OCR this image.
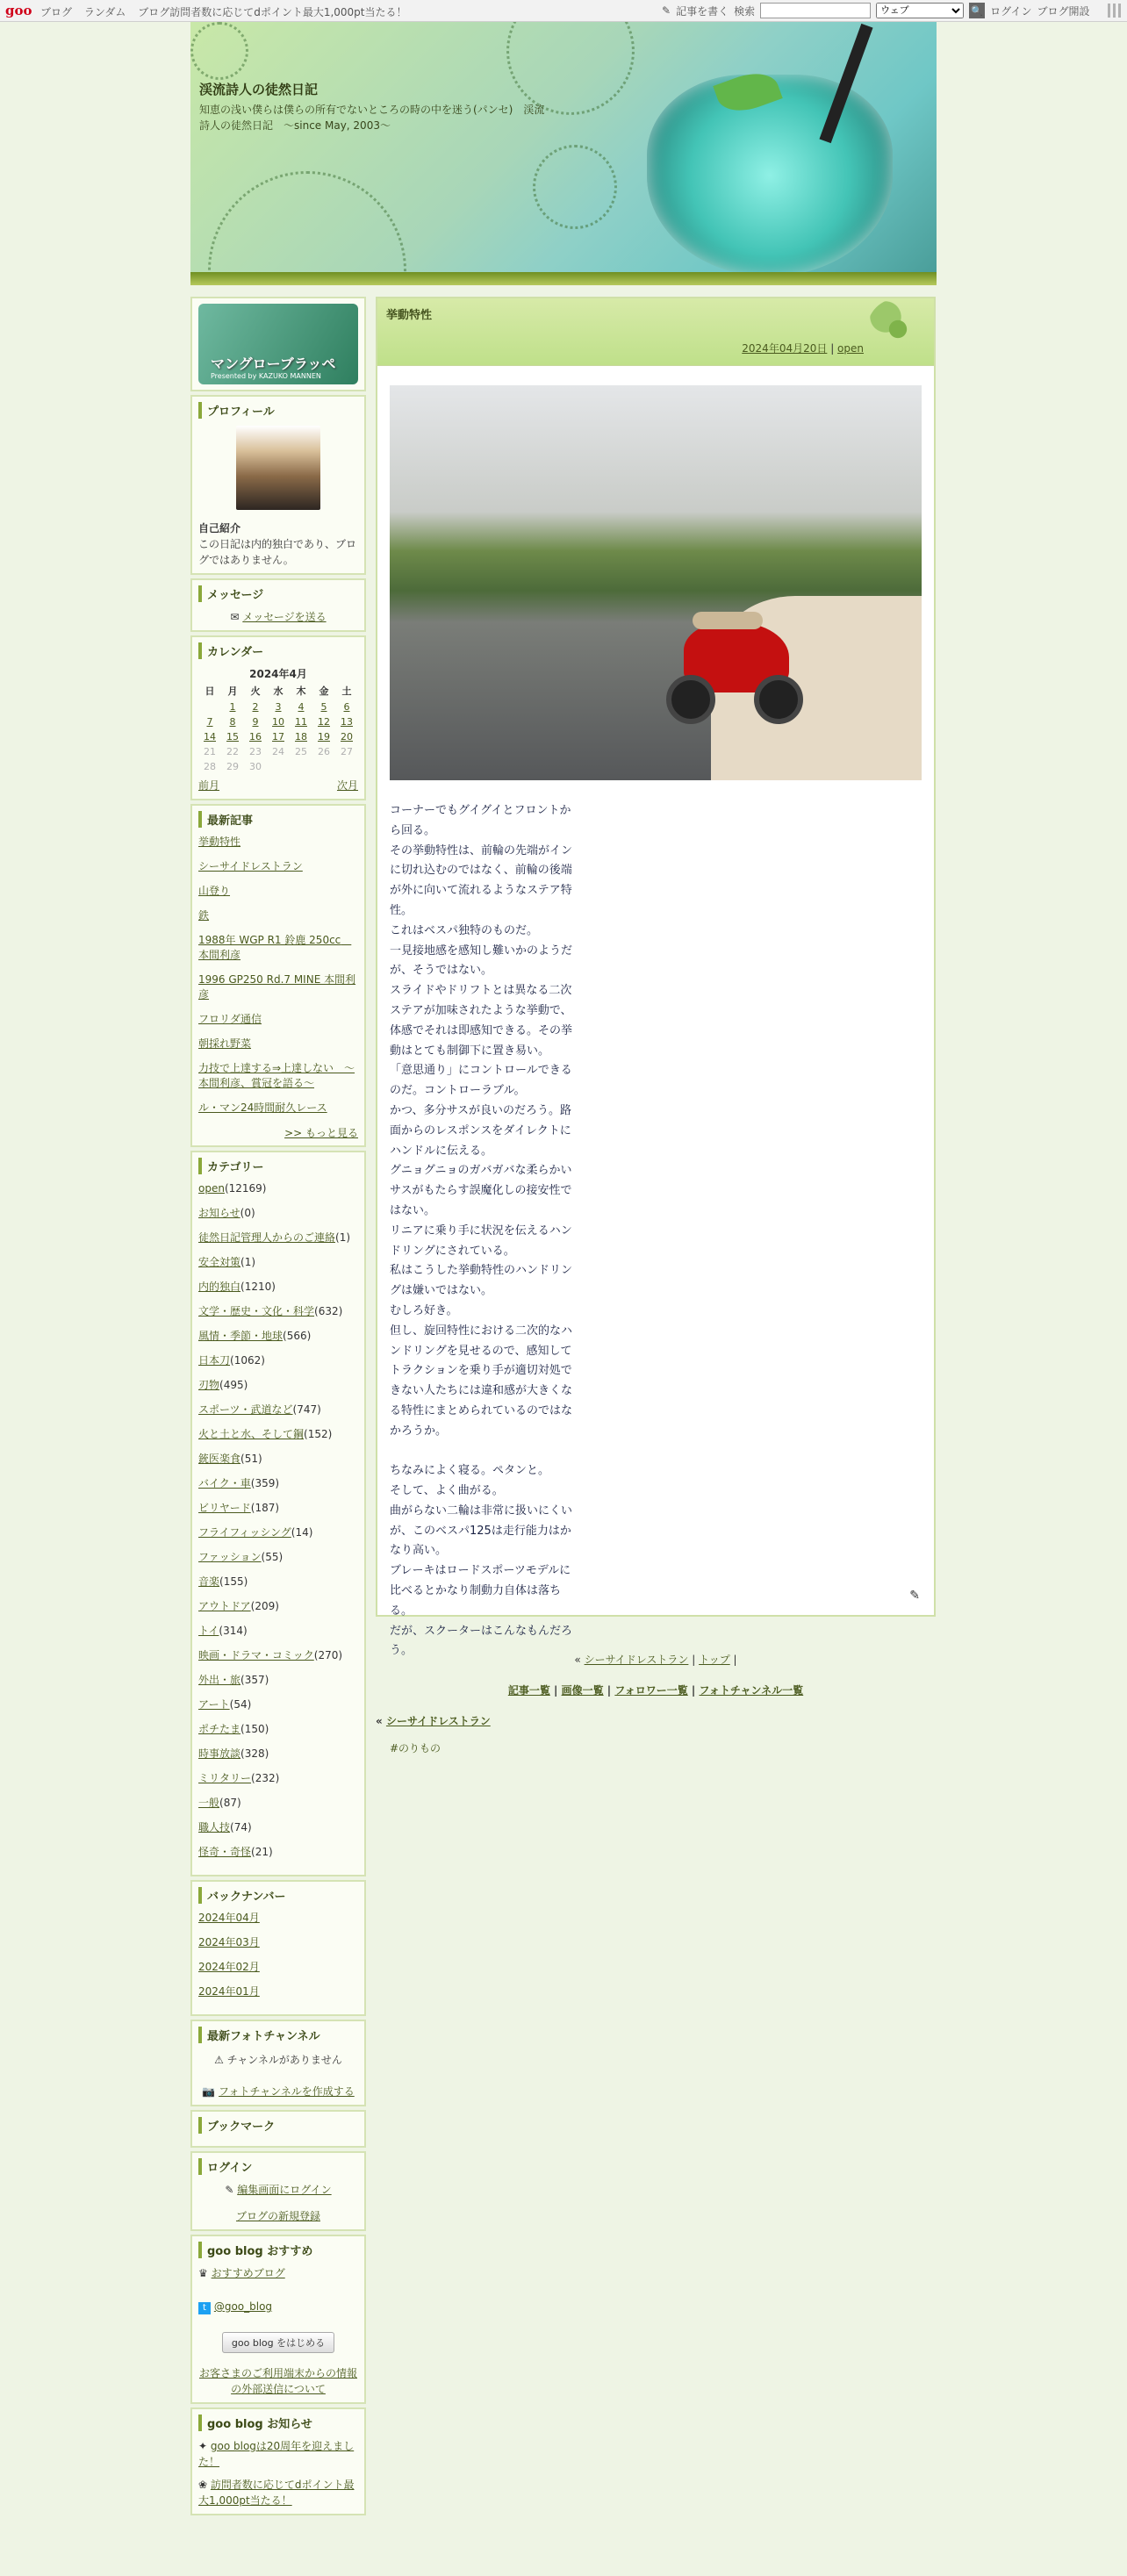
goo ブログ ランダム ブログ訪問者数に応じてdポイント最大1,000pt当たる！	✎ 記事を書く 検索
ウェブ	🔍 ログイン ブログ開設
渓流詩人の徒然日記
知恵の浅い僕らは僕らの所有でないところの時の中を迷う(パンセ)　渓流詩人の徒然日記　～since May, 2003～
マングローブラッペ
Presented by KAZUKO MANNEN
プロフィール
自己紹介
この日記は内的独白であり、ブログではありません。
メッセージ
✉ メッセージを送る
カレンダー
2024年4月
日	月	火	水	木	金	土
	1	2	3	4	5	6
7	8	9	10	11	12	13
14	15	16	17	18	19	20
21	22	23	24	25	26	27
28	29	30				
前月	次月
最新記事
挙動特性
シーサイドレストラン
山登り
鉄
1988年 WGP R1 鈴鹿 250cc　本間利彦
1996 GP250 Rd.7 MINE 本間利彦
フロリダ通信
朝採れ野菜
力技で上達する⇒上達しない　～本間利彦、賞冠を語る～
ル・マン24時間耐久レース
>> もっと見る
カテゴリー
open(12169)
お知らせ(0)
徒然日記管理人からのご連絡(1)
安全対策(1)
内的独白(1210)
文学・歴史・文化・科学(632)
風情・季節・地球(566)
日本刀(1062)
刃物(495)
スポーツ・武道など(747)
火と土と水、そして鋼(152)
銃医楽食(51)
バイク・車(359)
ビリヤード(187)
フライフィッシング(14)
ファッション(55)
音楽(155)
アウトドア(209)
トイ(314)
映画・ドラマ・コミック(270)
外出・旅(357)
アート(54)
ポチたま(150)
時事放談(328)
ミリタリー(232)
一般(87)
職人技(74)
怪奇・奇怪(21)
バックナンバー
2024年04月
2024年03月
2024年02月
2024年01月
最新フォトチャンネル
⚠ チャンネルがありません
📷 フォトチャンネルを作成する
ブックマーク
ログイン
✎ 編集画面にログイン
ブログの新規登録
goo blog おすすめ
♛ おすすめブログ
t @goo_blog
goo blog をはじめる
お客さまのご利用端末からの情報の外部送信について
goo blog お知らせ
✦ goo blogは20周年を迎えました！
❀ 訪問者数に応じてdポイント最大1,000pt当たる！
挙動特性
2024年04月20日 | open

コーナーでもグイグイとフロントから回る。

その挙動特性は、前輪の先端がインに切れ込むのではなく、前輪の後端が外に向いて流れるようなステア特性。

これはベスパ独特のものだ。

一見接地感を感知し難いかのようだが、そうではない。

スライドやドリフトとは異なる二次ステアが加味されたような挙動で、体感でそれは即感知できる。その挙動はとても制御下に置き易い。

「意思通り」にコントロールできるのだ。コントローラブル。

かつ、多分サスが良いのだろう。路面からのレスポンスをダイレクトにハンドルに伝える。

グニョグニョのガバガバな柔らかいサスがもたらす誤魔化しの接安性ではない。

リニアに乗り手に状況を伝えるハンドリングにされている。

私はこうした挙動特性のハンドリングは嫌いではない。

むしろ好き。

但し、旋回特性における二次的なハンドリングを見せるので、感知してトラクションを乗り手が適切対処できない人たちには違和感が大きくなる特性にまとめられているのではなかろうか。

ちなみによく寝る。ペタンと。

そして、よく曲がる。

曲がらない二輪は非常に扱いにくいが、このベスパ125は走行能力はかなり高い。

ブレーキはロードスポーツモデルに比べるとかなり制動力自体は落ちる。

だが、スクーターはこんなもんだろう。

#のりもの
✎
« シーサイドレストラン | トップ |
記事一覧 | 画像一覧 | フォロワー一覧 | フォトチャンネル一覧
« シーサイドレストラン
